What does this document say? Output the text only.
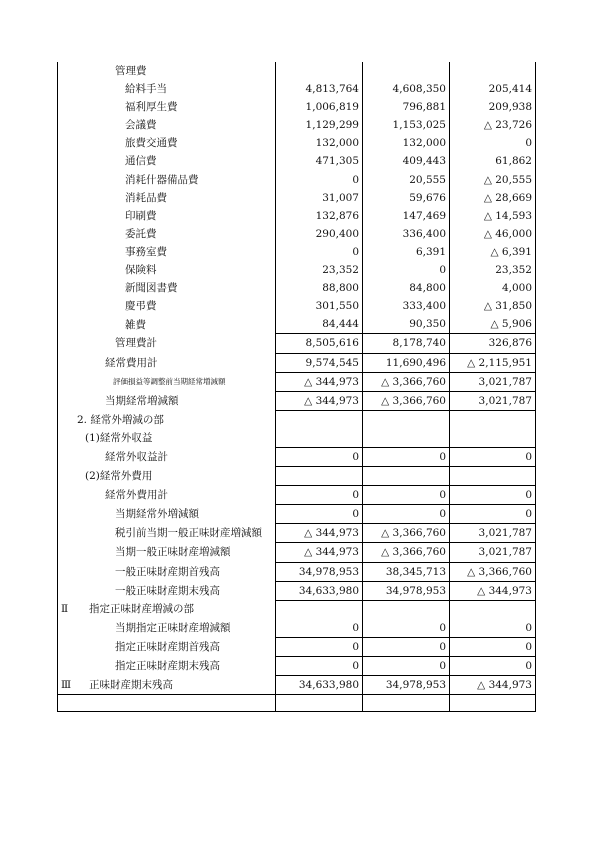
管理費			
給料手当	4,813,764	4,608,350	205,414
福利厚生費	1,006,819	796,881	209,938
会議費	1,129,299	1,153,025	△ 23,726
旅費交通費	132,000	132,000	0
通信費	471,305	409,443	61,862
消耗什器備品費	0	20,555	△ 20,555
消耗品費	31,007	59,676	△ 28,669
印刷費	132,876	147,469	△ 14,593
委託費	290,400	336,400	△ 46,000
事務室費	0	6,391	△ 6,391
保険料	23,352	0	23,352
新聞図書費	88,800	84,800	4,000
慶弔費	301,550	333,400	△ 31,850
雑費	84,444	90,350	△ 5,906
管理費計	8,505,616	8,178,740	326,876
経常費用計	9,574,545	11,690,496	△ 2,115,951
評価損益等調整前当期経常増減額	△ 344,973	△ 3,366,760	3,021,787
当期経常増減額	△ 344,973	△ 3,366,760	3,021,787
2. 経常外増減の部			
(1)経常外収益			
経常外収益計	0	0	0
(2)経常外費用			
経常外費用計	0	0	0
当期経常外増減額	0	0	0
税引前当期一般正味財産増減額	△ 344,973	△ 3,366,760	3,021,787
当期一般正味財産増減額	△ 344,973	△ 3,366,760	3,021,787
一般正味財産期首残高	34,978,953	38,345,713	△ 3,366,760
一般正味財産期末残高	34,633,980	34,978,953	△ 344,973
Ⅱ 指定正味財産増減の部			
当期指定正味財産増減額	0	0	0
指定正味財産期首残高	0	0	0
指定正味財産期末残高	0	0	0
Ⅲ 正味財産期末残高	34,633,980	34,978,953	△ 344,973
